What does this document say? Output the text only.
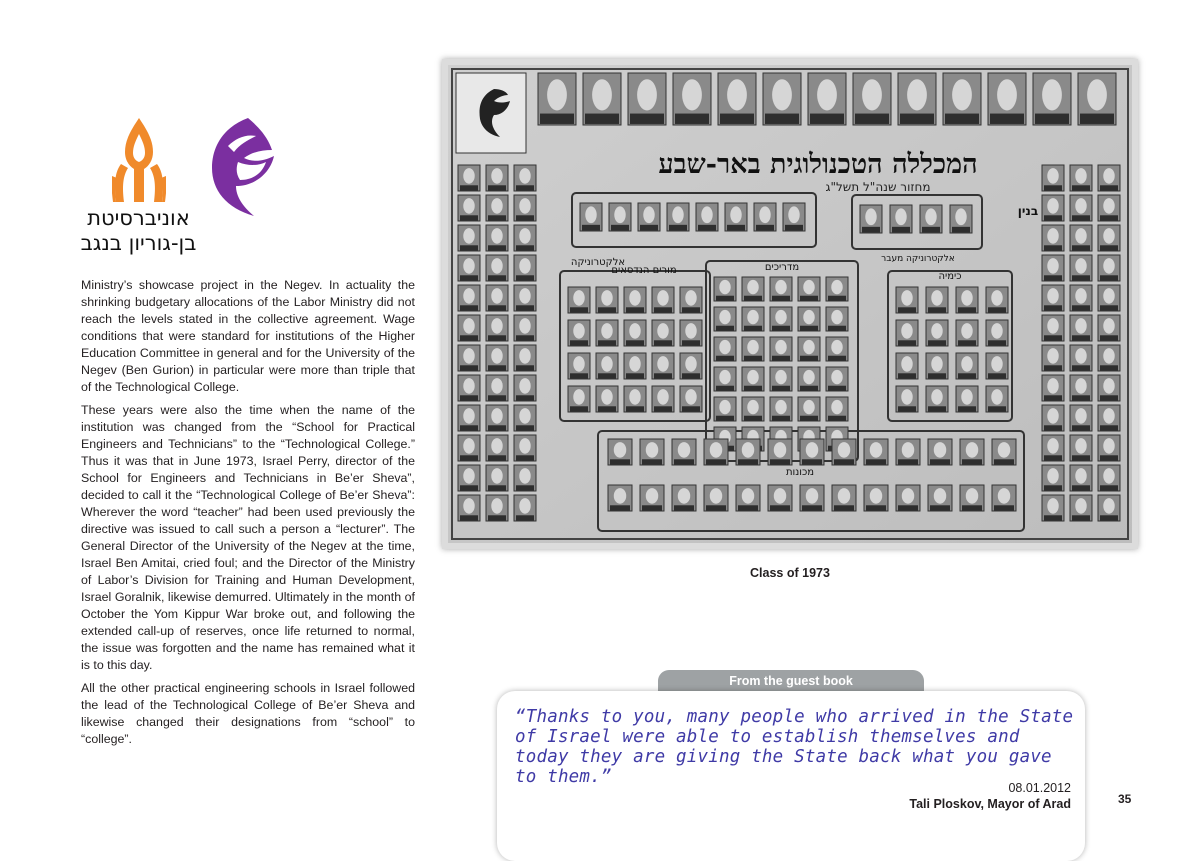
אוניברסיטת
בן-גוריון בנגב

Ministry’s showcase project in the Negev. In actuality the shrinking budgetary allocations of the Labor Ministry did not reach the levels stated in the collective agreement. Wage conditions that were standard for institutions of the Higher Education Committee in general and for the University of the Negev (Ben Gurion) in particular were more than triple that of the Technological College.

These years were also the time when the name of the institution was changed from the “School for Practical Engineers and Technicians” to the “Technological College.” Thus it was that in June 1973, Israel Perry, director of the School for Engineers and Technicians in Be’er Sheva”, decided to call it the “Technological College of Be’er Sheva”: Wherever the word “teacher” had been used previously the directive was issued to call such a person a “lecturer”. The General Director of the University of the Negev at the time, Israel Ben Amitai, cried foul; and the Director of the Ministry of Labor’s Division for Training and Human Development, Israel Goralnik, likewise demurred. Ultimately in the month of October the Yom Kippur War broke out, and following the extended call-up of reserves, once life returned to normal, the issue was forgotten and the name has remained what it is to this day.

All the other practical engineering schools in Israel followed the lead of the Technological College of Be’er Sheva and likewise changed their designations from “school” to “college”.

המכללה הטכנולוגית באר-שבע
מחזור שנה"ל תשל"ג
אלקטרוניקה
מורים הנדסאים	מדריכים
כימיה
מכונות
אלקטרוניקה מעבר
בנין
Class of 1973
From the guest book
“Thanks to you, many people who arrived in the State of Israel were able to establish themselves and today they are giving the State back what you gave to them.”
08.01.2012
Tali Ploskov, Mayor of Arad	35
